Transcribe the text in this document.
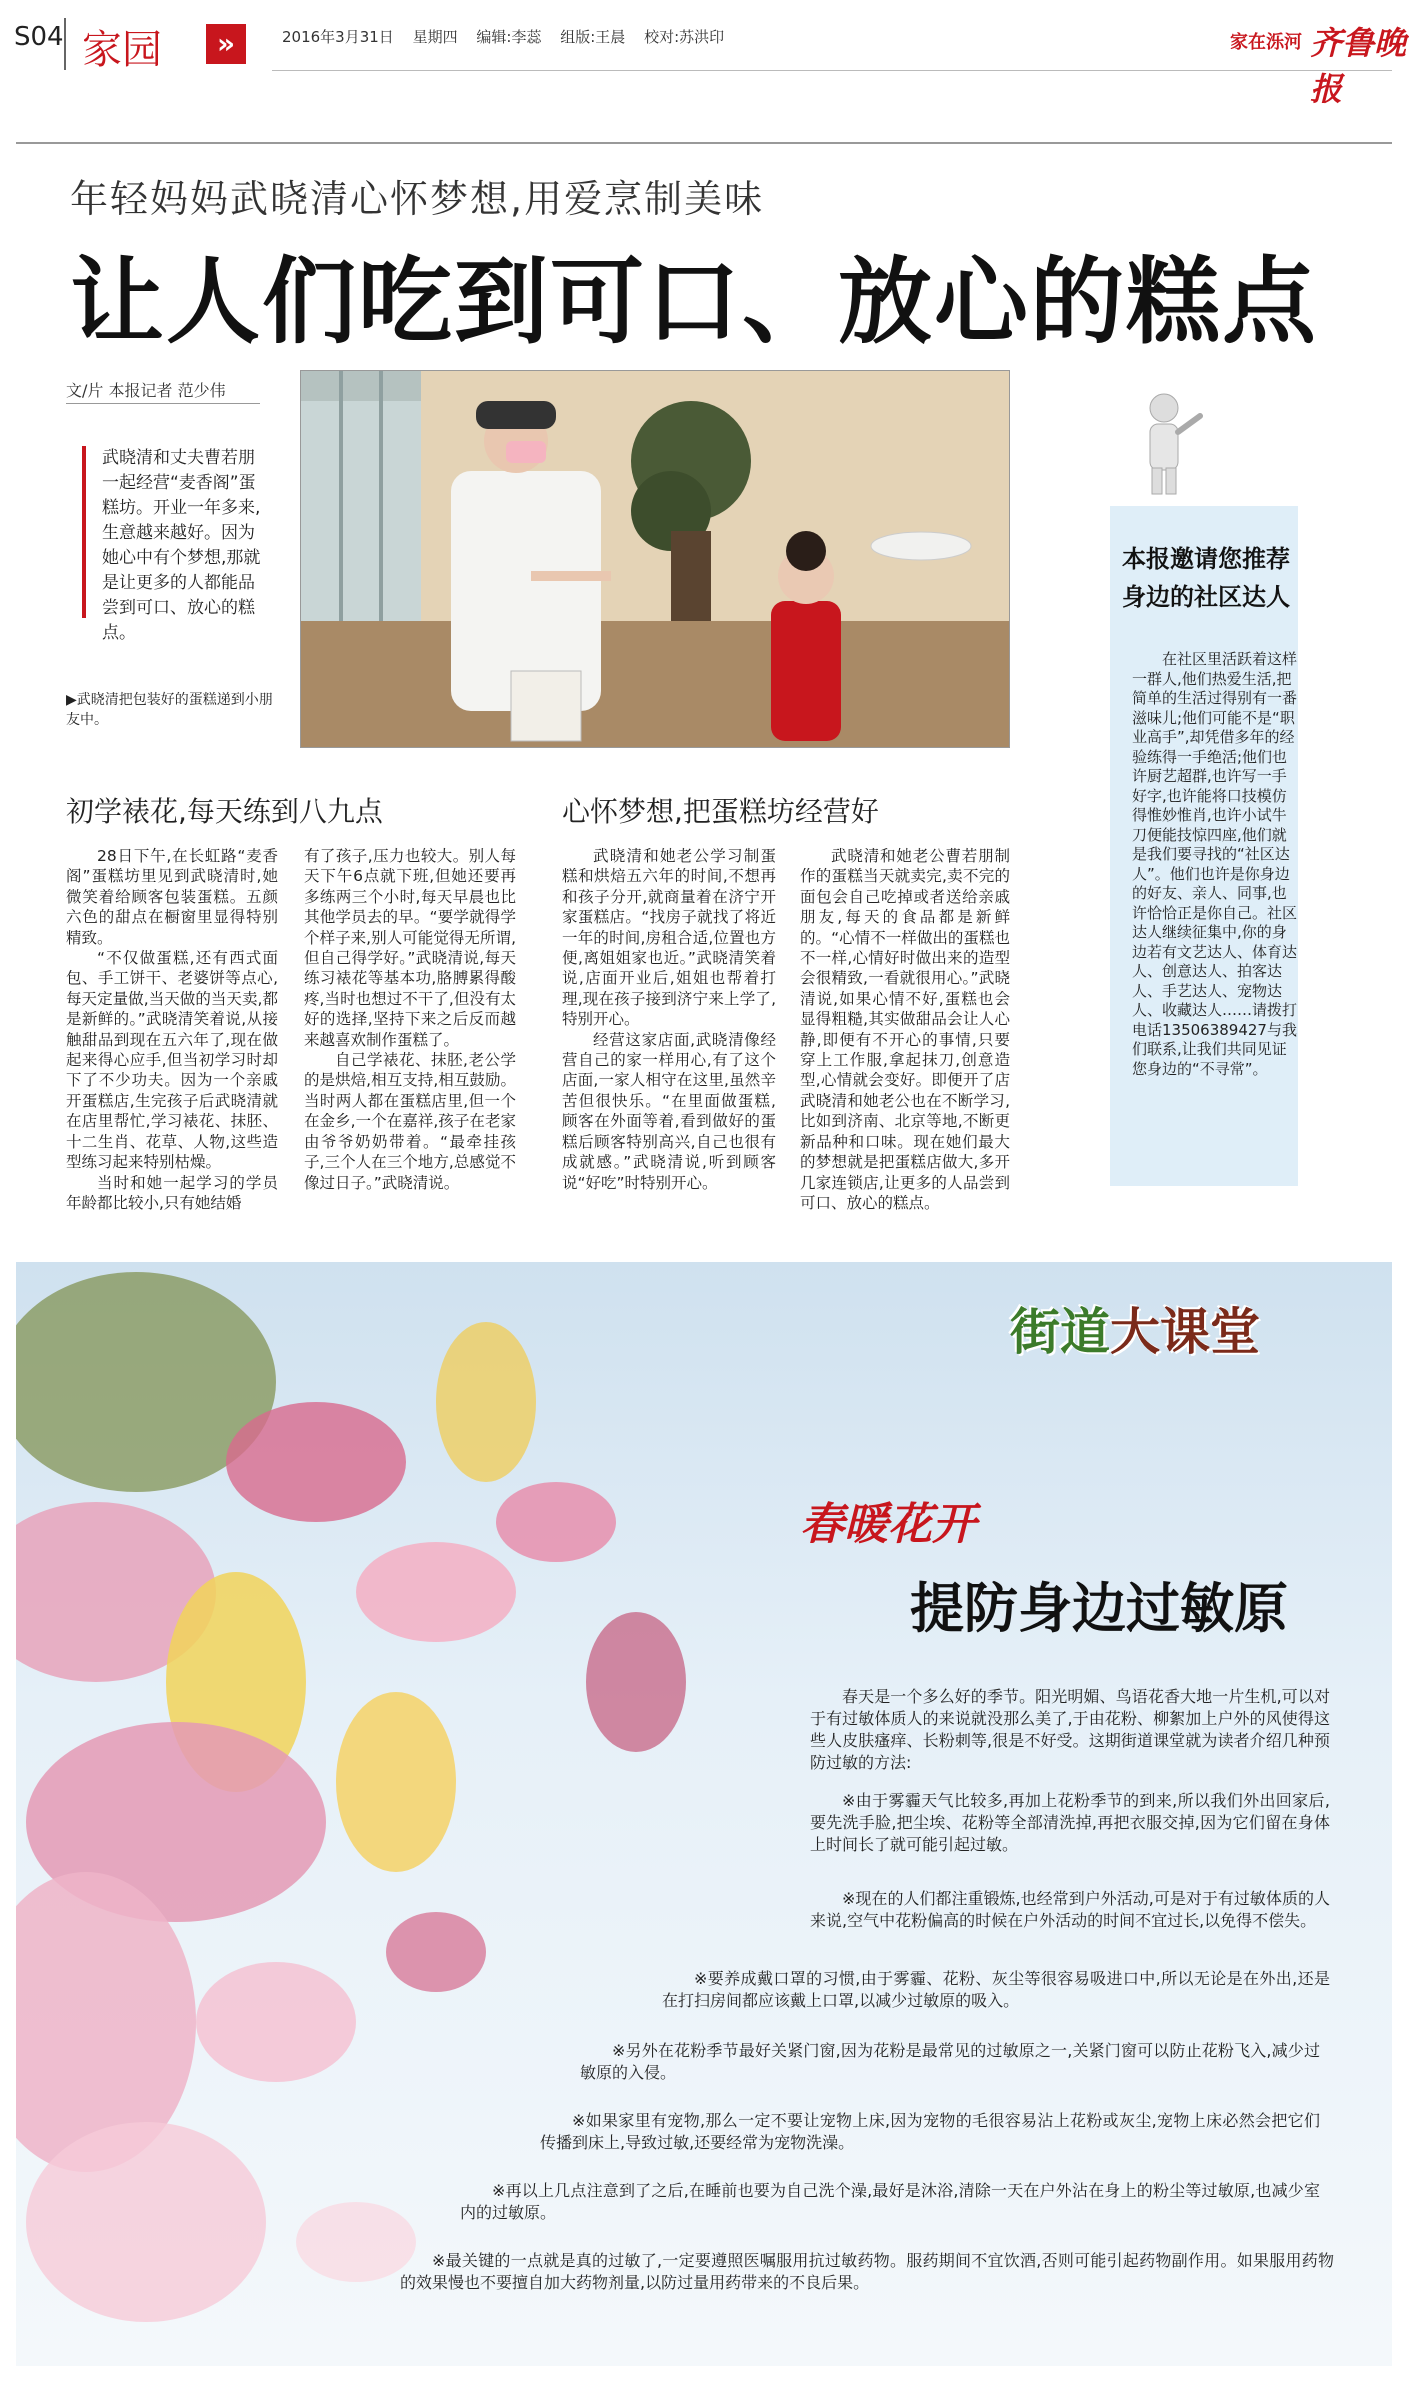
S04 家园	»	2016年3月31日 星期四 编辑:李蕊 组版:王晨 校对:苏洪印	家在泺河 齐鲁晚报
年轻妈妈武晓清心怀梦想,用爱烹制美味
让人们吃到可口、放心的糕点
文/片 本报记者 范少伟
武晓清和丈夫曹若朋一起经营“麦香阁”蛋糕坊。开业一年多来,生意越来越好。因为她心中有个梦想,那就是让更多的人都能品尝到可口、放心的糕点。
▶武晓清把包装好的蛋糕递到小朋友中。
本报邀请您推荐
身边的社区达人
在社区里活跃着这样一群人,他们热爱生活,把简单的生活过得别有一番滋味儿;他们可能不是“职业高手”,却凭借多年的经验练得一手绝活;他们也许厨艺超群,也许写一手好字,也许能将口技模仿得惟妙惟肖,也许小试牛刀便能技惊四座,他们就是我们要寻找的“社区达人”。他们也许是你身边的好友、亲人、同事,也许恰恰正是你自己。社区达人继续征集中,你的身边若有文艺达人、体育达人、创意达人、拍客达人、手艺达人、宠物达人、收藏达人……请拨打电话13506389427与我们联系,让我们共同见证您身边的“不寻常”。
初学裱花,每天练到八九点	心怀梦想,把蛋糕坊经营好

28日下午,在长虹路“麦香阁”蛋糕坊里见到武晓清时,她微笑着给顾客包装蛋糕。五颜六色的甜点在橱窗里显得特别精致。

“不仅做蛋糕,还有西式面包、手工饼干、老婆饼等点心,每天定量做,当天做的当天卖,都是新鲜的。”武晓清笑着说,从接触甜品到现在五六年了,现在做起来得心应手,但当初学习时却下了不少功夫。因为一个亲戚开蛋糕店,生完孩子后武晓清就在店里帮忙,学习裱花、抹胚、十二生肖、花草、人物,这些造型练习起来特别枯燥。

当时和她一起学习的学员年龄都比较小,只有她结婚

有了孩子,压力也较大。别人每天下午6点就下班,但她还要再多练两三个小时,每天早晨也比其他学员去的早。“要学就得学个样子来,别人可能觉得无所谓,但自己得学好。”武晓清说,每天练习裱花等基本功,胳膊累得酸疼,当时也想过不干了,但没有太好的选择,坚持下来之后反而越来越喜欢制作蛋糕了。

自己学裱花、抹胚,老公学的是烘焙,相互支持,相互鼓励。当时两人都在蛋糕店里,但一个在金乡,一个在嘉祥,孩子在老家由爷爷奶奶带着。“最牵挂孩子,三个人在三个地方,总感觉不像过日子。”武晓清说。

武晓清和她老公学习制蛋糕和烘焙五六年的时间,不想再和孩子分开,就商量着在济宁开家蛋糕店。“找房子就找了将近一年的时间,房租合适,位置也方便,离姐姐家也近。”武晓清笑着说,店面开业后,姐姐也帮着打理,现在孩子接到济宁来上学了,特别开心。

经营这家店面,武晓清像经营自己的家一样用心,有了这个店面,一家人相守在这里,虽然辛苦但很快乐。“在里面做蛋糕,顾客在外面等着,看到做好的蛋糕后顾客特别高兴,自己也很有成就感。”武晓清说,听到顾客说“好吃”时特别开心。

武晓清和她老公曹若朋制作的蛋糕当天就卖完,卖不完的面包会自己吃掉或者送给亲戚朋友,每天的食品都是新鲜的。“心情不一样做出的蛋糕也不一样,心情好时做出来的造型会很精致,一看就很用心。”武晓清说,如果心情不好,蛋糕也会显得粗糙,其实做甜品会让人心静,即便有不开心的事情,只要穿上工作服,拿起抹刀,创意造型,心情就会变好。即便开了店武晓清和她老公也在不断学习,比如到济南、北京等地,不断更新品种和口味。现在她们最大的梦想就是把蛋糕店做大,多开几家连锁店,让更多的人品尝到可口、放心的糕点。

街道大课堂
春暖花开
提防身边过敏原

春天是一个多么好的季节。阳光明媚、鸟语花香大地一片生机,可以对于有过敏体质人的来说就没那么美了,于由花粉、柳絮加上户外的风使得这些人皮肤瘙痒、长粉刺等,很是不好受。这期街道课堂就为读者介绍几种预防过敏的方法:

※由于雾霾天气比较多,再加上花粉季节的到来,所以我们外出回家后,要先洗手脸,把尘埃、花粉等全部清洗掉,再把衣服交掉,因为它们留在身体上时间长了就可能引起过敏。

※现在的人们都注重锻炼,也经常到户外活动,可是对于有过敏体质的人来说,空气中花粉偏高的时候在户外活动的时间不宜过长,以免得不偿失。

※要养成戴口罩的习惯,由于雾霾、花粉、灰尘等很容易吸进口中,所以无论是在外出,还是在打扫房间都应该戴上口罩,以减少过敏原的吸入。

※另外在花粉季节最好关紧门窗,因为花粉是最常见的过敏原之一,关紧门窗可以防止花粉飞入,减少过敏原的入侵。

※如果家里有宠物,那么一定不要让宠物上床,因为宠物的毛很容易沾上花粉或灰尘,宠物上床必然会把它们传播到床上,导致过敏,还要经常为宠物洗澡。

※再以上几点注意到了之后,在睡前也要为自己洗个澡,最好是沐浴,清除一天在户外沾在身上的粉尘等过敏原,也减少室内的过敏原。

※最关键的一点就是真的过敏了,一定要遵照医嘱服用抗过敏药物。服药期间不宜饮酒,否则可能引起药物副作用。如果服用药物的效果慢也不要擅自加大药物剂量,以防过量用药带来的不良后果。
